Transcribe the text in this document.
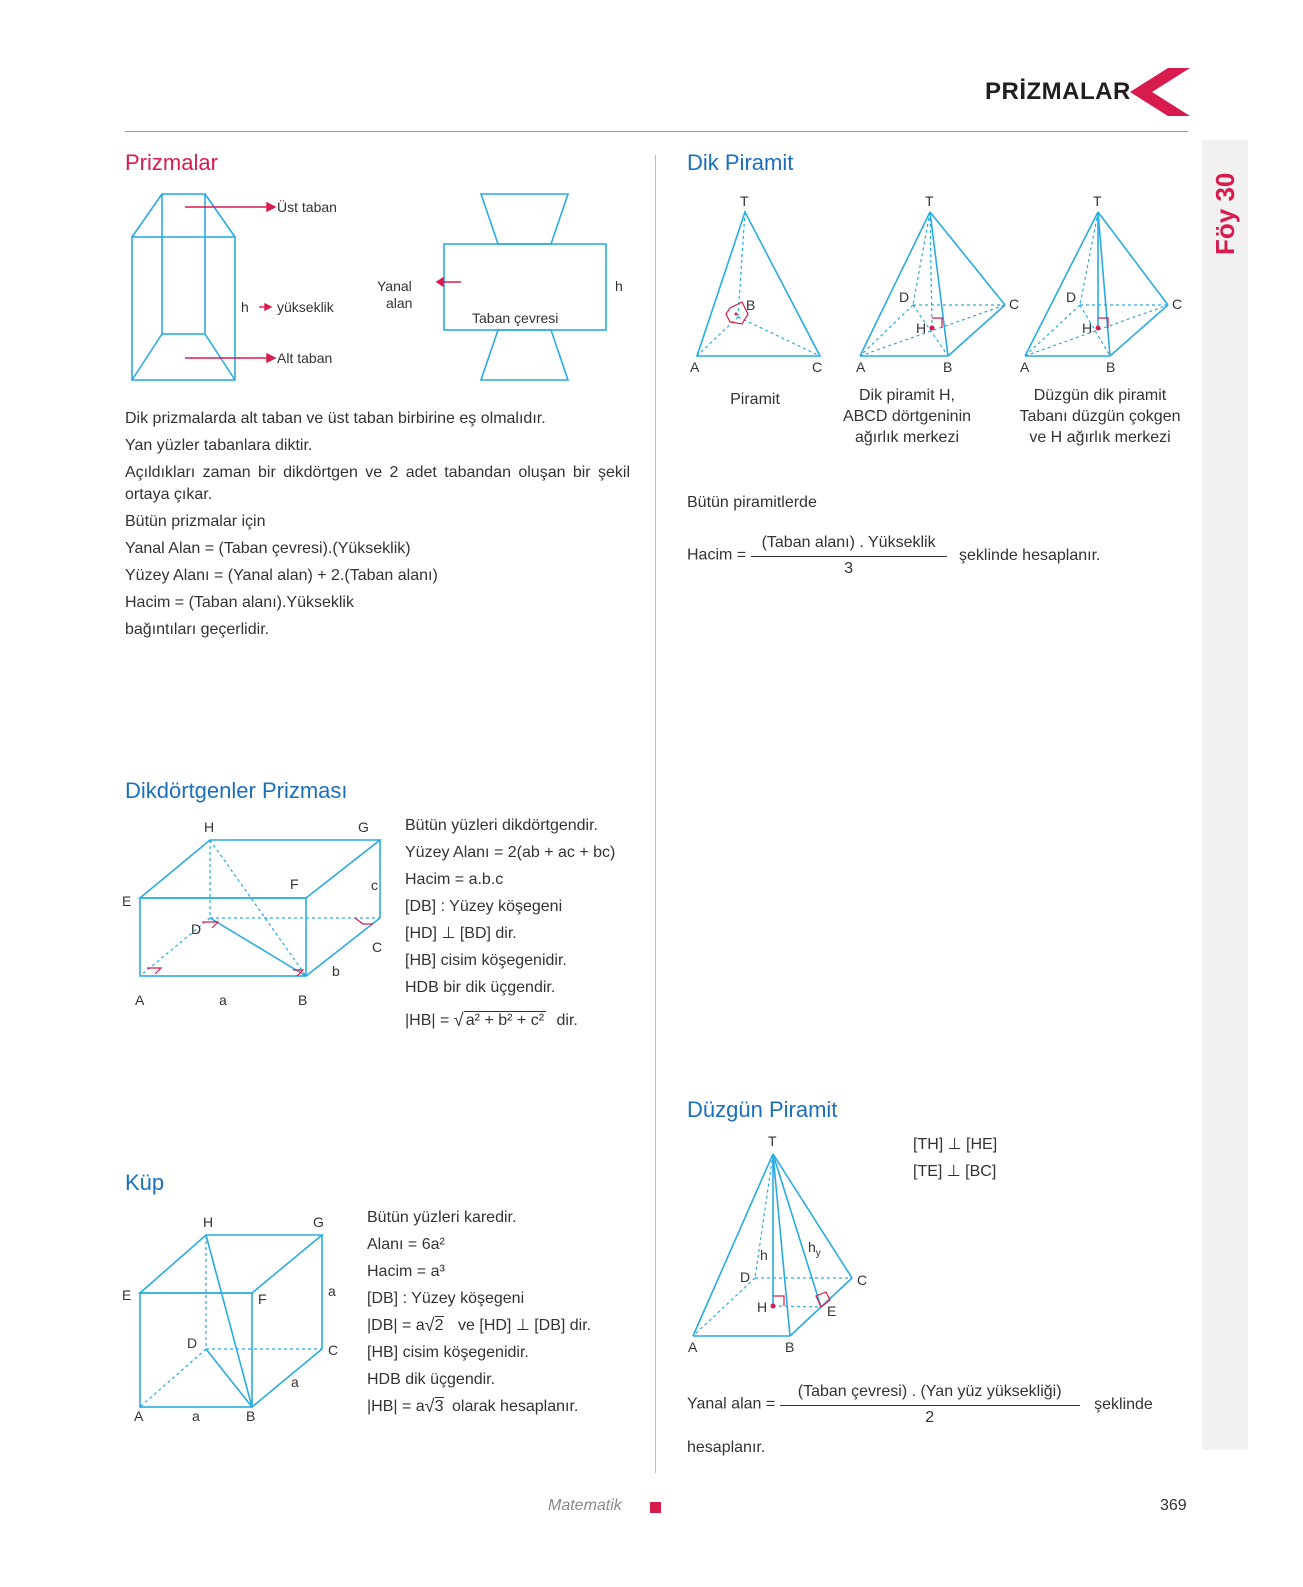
PRİZMALAR
Föy 30
Prizmalar
Üst taban
h yükseklik
Alt taban
Yanal
alan
Taban çevresi
h

Dik prizmalarda alt taban ve üst taban birbirine eş olmalıdır.

Yan yüzler tabanlara diktir.

Açıldıkları zaman bir dikdörtgen ve 2 adet tabandan oluşan bir şekil ortaya çıkar.

Bütün prizmalar için

Yanal Alan = (Taban çevresi).(Yükseklik)

Yüzey Alanı = (Yanal alan) + 2.(Taban alanı)

Hacim = (Taban alanı).Yükseklik

bağıntıları geçerlidir.

Dikdörtgenler Prizması
H	G
F	c
E
D
C
b
A	a	B

Bütün yüzleri dikdörtgendir.

Yüzey Alanı = 2(ab + ac + bc)

Hacim = a.b.c

[DB] : Yüzey köşegeni

[HD] ⊥ [BD] dir.

[HB] cisim köşegenidir.

HDB bir dik üçgendir.

|HB| = √ a² + b² + c² dir.

Küp
H	G
E	F	a
D	C
a
A	a	B

Bütün yüzleri karedir.

Alanı = 6a²

Hacim = a³

[DB] : Yüzey köşegeni

|DB| = a √ 2 ve [HD] ⊥ [DB] dir.

[HB] cisim köşegenidir.

HDB dik üçgendir.

|HB| = a √ 3 olarak hesaplanır.

Dik Piramit
T
B
A	C
T
D	C
H
A	B
T
D	C
H
A	B
Piramit	Dik piramit H,
ABCD dörtgeninin
ağırlık merkezi
Düzgün dik piramit
Tabanı düzgün çokgen
ve H ağırlık merkezi
Bütün piramitlerde
Hacim = $\frac{\text{(Taban alanı) . Yükseklik}}{3}$ şeklinde hesaplanır.
Düzgün Piramit
T
h	$h_y$
D	C
H	E
A	B

[TH] ⊥ [HE]

[TE] ⊥ [BC]

Yanal alan = $\frac{\text{(Taban çevresi) . (Yan yüz yüksekliği)}}{2}$ şeklinde
hesaplanır.
Matematik	369
